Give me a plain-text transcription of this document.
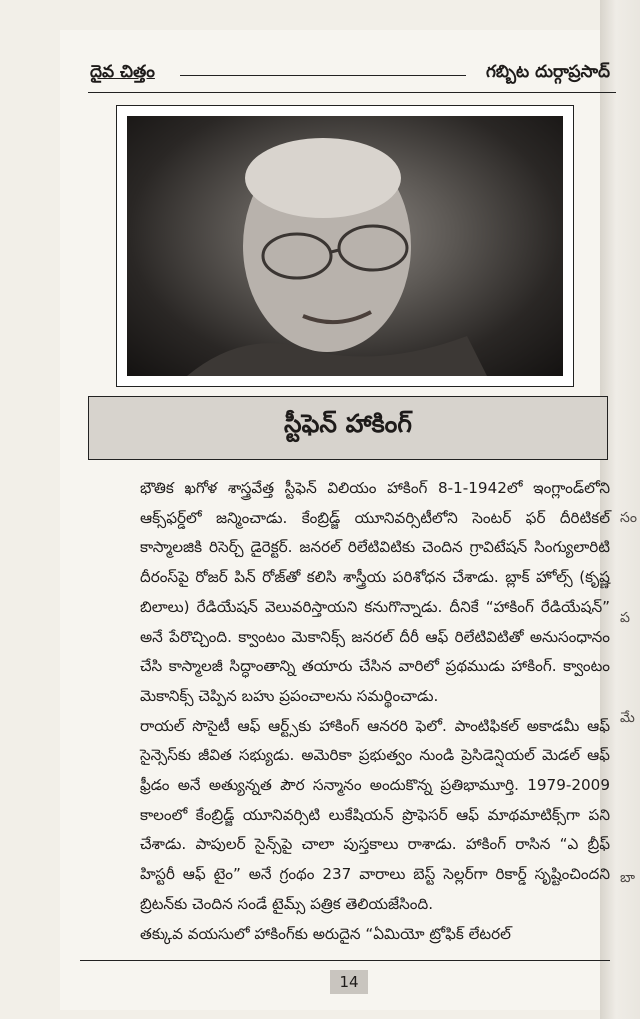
సం
ప
మే
బా
దైవ చిత్తం	గబ్బిట దుర్గాప్రసాద్
స్టీఫెన్ హాకింగ్

భౌతిక ఖగోళ శాస్త్రవేత్త స్టీఫెన్ విలియం హాకింగ్ 8-1-1942లో ఇంగ్లాండ్‌లోని ఆక్స్‌ఫర్డ్‌లో జన్మించాడు. కేంబ్రిడ్జ్ యూనివర్సిటీలోని సెంటర్ ఫర్ దీరిటికల్ కాస్మాలజికి రిసెర్చ్ డైరెక్టర్. జనరల్ రిలేటివిటికు చెందిన గ్రావిటేషన్ సింగ్యులారిటి దీరంస్‌పై రోజర్ పిన్ రోజ్‌తో కలిసి శాస్త్రీయ పరిశోధన చేశాడు. బ్లాక్ హోల్స్ (కృష్ణ బిలాలు) రేడియేషన్ వెలువరిస్తాయని కనుగొన్నాడు. దీనికే “హాకింగ్ రేడియేషన్” అనే పేరొచ్చింది. క్వాంటం మెకానిక్స్ జనరల్ దీరీ ఆఫ్ రిలేటివిటితో అనుసంధానం చేసి కాస్మాలజీ సిద్ధాంతాన్ని తయారు చేసిన వారిలో ప్రథముడు హాకింగ్. క్వాంటం మెకానిక్స్ చెప్పిన బహు ప్రపంచాలను సమర్థించాడు.

రాయల్ సొసైటీ ఆఫ్ ఆర్ట్స్‌కు హాకింగ్ ఆనరరి ఫెలో. పాంటిఫికల్ అకాడమీ ఆఫ్ సైన్సెస్‌కు జీవిత సభ్యుడు. అమెరికా ప్రభుత్వం నుండి ప్రెసిడెన్షియల్ మెడల్ ఆఫ్ ఫ్రీడం అనే అత్యున్నత పౌర సన్మానం అందుకొన్న ప్రతిభామూర్తి. 1979-2009 కాలంలో కేంబ్రిడ్జ్ యూనివర్సిటి లుకేషియన్ ప్రొఫెసర్ ఆఫ్ మాథమాటిక్స్‌గా పని చేశాడు. పాపులర్ సైన్స్‌పై చాలా పుస్తకాలు రాశాడు. హాకింగ్ రాసిన “ఎ బ్రీఫ్ హిస్టరీ ఆఫ్ టైం” అనే గ్రంథం 237 వారాలు బెస్ట్ సెల్లర్‌గా రికార్డ్ సృష్టించిందని బ్రిటన్‌కు చెందిన సండే టైమ్స్ పత్రిక తెలియజేసింది.

తక్కువ వయసులో హాకింగ్‌కు అరుదైన “ఏమియో ట్రోఫిక్ లేటరల్

14
